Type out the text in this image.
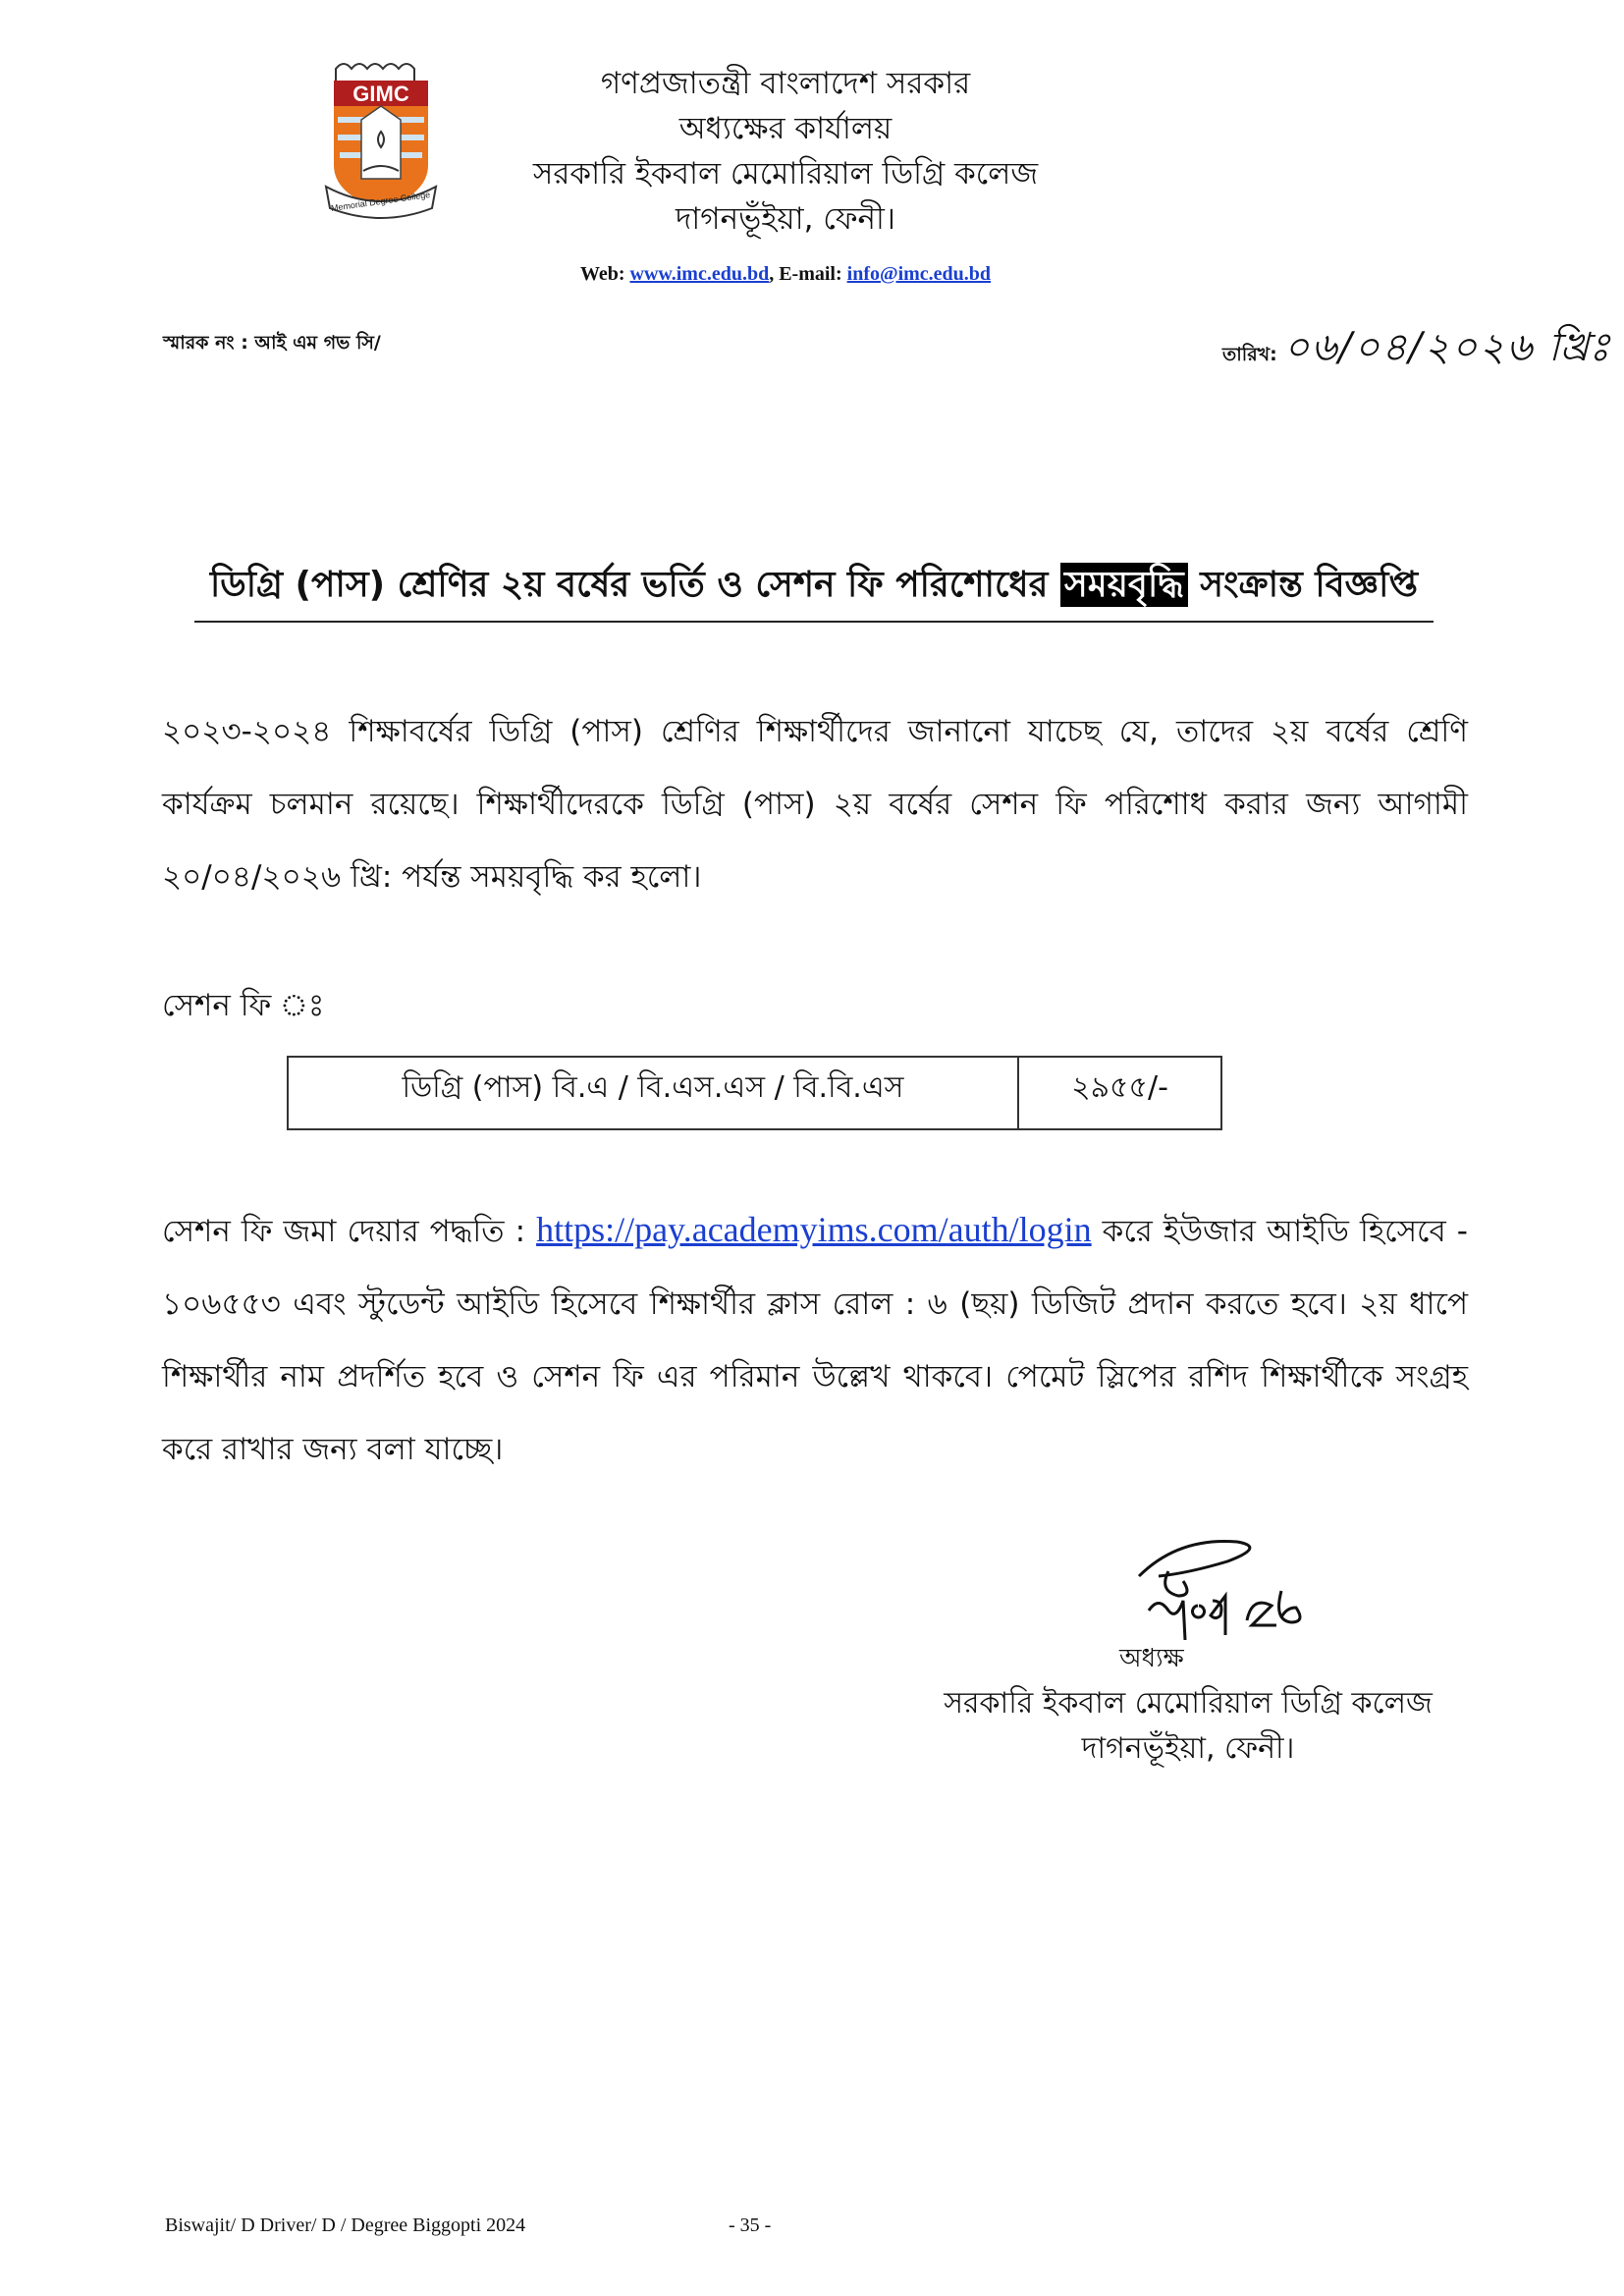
GIMC
Memorial Degree College
গণপ্রজাতন্ত্রী বাংলাদেশ সরকার
অধ্যক্ষের কার্যালয়
সরকারি ইকবাল মেমোরিয়াল ডিগ্রি কলেজ
দাগনভূঁইয়া, ফেনী।
Web: www.imc.edu.bd, E-mail: info@imc.edu.bd
স্মারক নং : আই এম গভ সি/
তারিখ: ০৬/০৪/২০২৬ খ্রিঃ
ডিগ্রি (পাস) শ্রেণির ২য় বর্ষের ভর্তি ও সেশন ফি পরিশোধের সময়বৃদ্ধি সংক্রান্ত বিজ্ঞপ্তি
২০২৩-২০২৪ শিক্ষাবর্ষের ডিগ্রি (পাস) শ্রেণির শিক্ষার্থীদের জানানো যাচেছ যে, তাদের ২য় বর্ষের শ্রেণি কার্যক্রম চলমান রয়েছে। শিক্ষার্থীদেরকে ডিগ্রি (পাস) ২য় বর্ষের সেশন ফি পরিশোধ করার জন্য আগামী ২০/০৪/২০২৬ খ্রি: পর্যন্ত সময়বৃদ্ধি কর হলো।
সেশন ফি ঃ
ডিগ্রি (পাস) বি.এ / বি.এস.এস / বি.বি.এস	২৯৫৫/-
সেশন ফি জমা দেয়ার পদ্ধতি : https://pay.academyims.com/auth/login করে ইউজার আইডি হিসেবে - ১০৬৫৫৩ এবং স্টুডেন্ট আইডি হিসেবে শিক্ষার্থীর ক্লাস রোল : ৬ (ছয়) ডিজিট প্রদান করতে হবে। ২য় ধাপে শিক্ষার্থীর নাম প্রদর্শিত হবে ও সেশন ফি এর পরিমান উল্লেখ থাকবে। পেমেট স্লিপের রশিদ শিক্ষার্থীকে সংগ্রহ করে রাখার জন্য বলা যাচ্ছে।
অধ্যক্ষ
সরকারি ইকবাল মেমোরিয়াল ডিগ্রি কলেজ
দাগনভূঁইয়া, ফেনী।
Biswajit/ D Driver/ D / Degree Biggopti 2024	- 35 -
